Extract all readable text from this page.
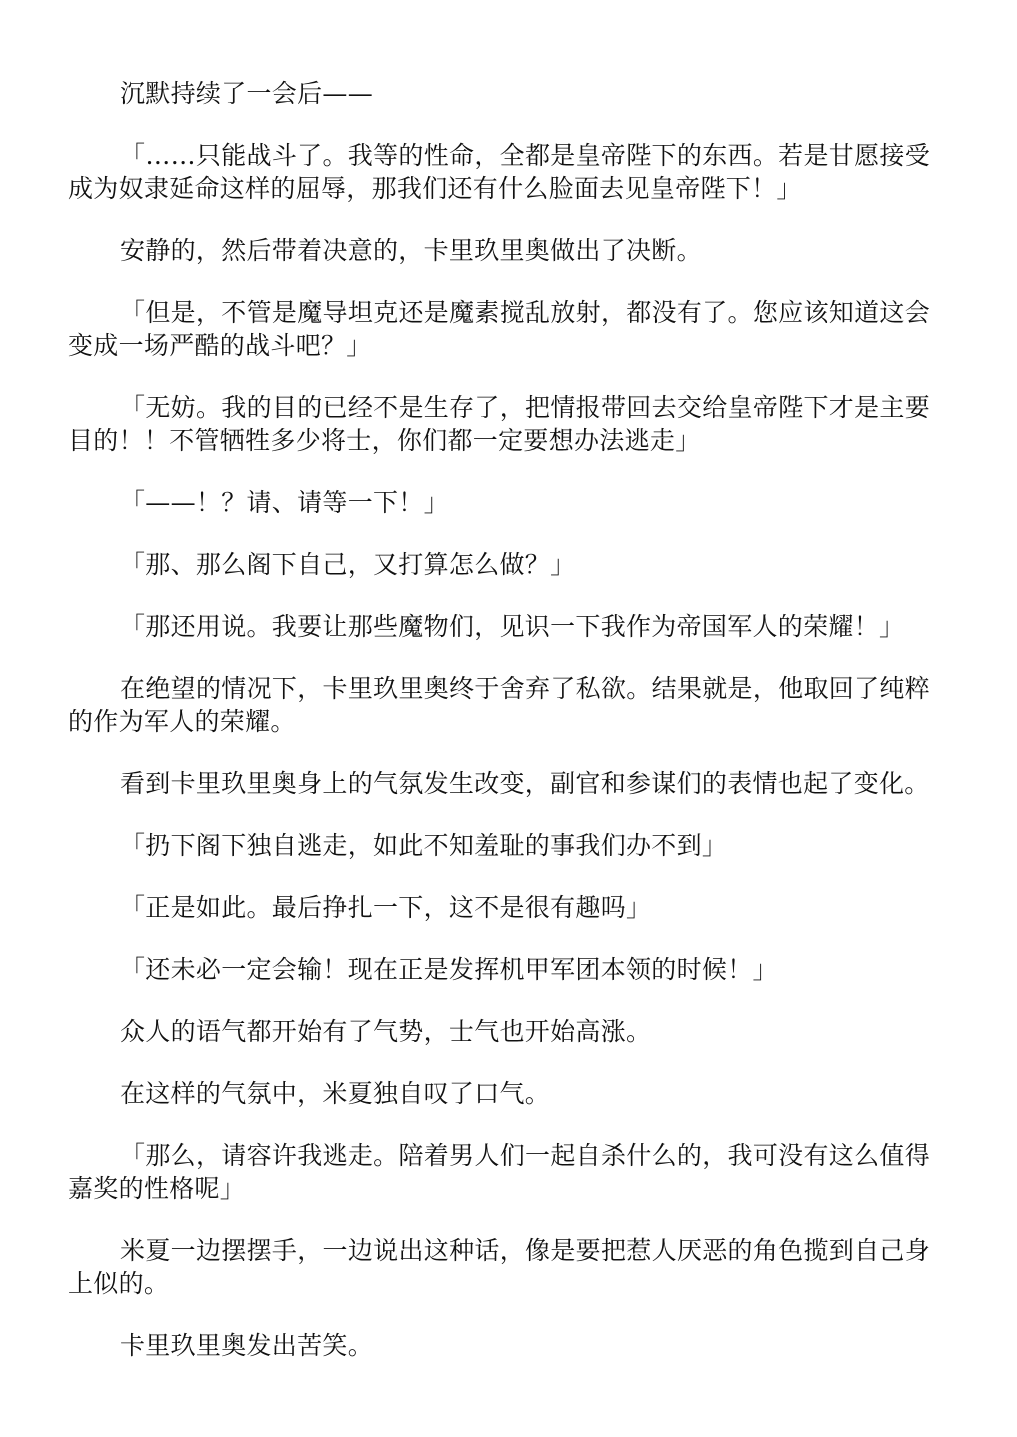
沉默持续了一会后——

「……只能战斗了。我等的性命，全都是皇帝陛下的东西。若是甘愿接受成为奴隶延命这样的屈辱，那我们还有什么脸面去见皇帝陛下！」

安静的，然后带着决意的，卡里玖里奥做出了决断。

「但是，不管是魔导坦克还是魔素搅乱放射，都没有了。您应该知道这会变成一场严酷的战斗吧？」

「无妨。我的目的已经不是生存了，把情报带回去交给皇帝陛下才是主要目的！！不管牺牲多少将士，你们都一定要想办法逃走」

「——！？请、请等一下！」

「那、那么阁下自己，又打算怎么做？」

「那还用说。我要让那些魔物们，见识一下我作为帝国军人的荣耀！」

在绝望的情况下，卡里玖里奥终于舍弃了私欲。结果就是，他取回了纯粹的作为军人的荣耀。

看到卡里玖里奥身上的气氛发生改变，副官和参谋们的表情也起了变化。

「扔下阁下独自逃走，如此不知羞耻的事我们办不到」

「正是如此。最后挣扎一下，这不是很有趣吗」

「还未必一定会输！现在正是发挥机甲军团本领的时候！」

众人的语气都开始有了气势，士气也开始高涨。

在这样的气氛中，米夏独自叹了口气。

「那么，请容许我逃走。陪着男人们一起自杀什么的，我可没有这么值得嘉奖的性格呢」

米夏一边摆摆手，一边说出这种话，像是要把惹人厌恶的角色揽到自己身上似的。

卡里玖里奥发出苦笑。
